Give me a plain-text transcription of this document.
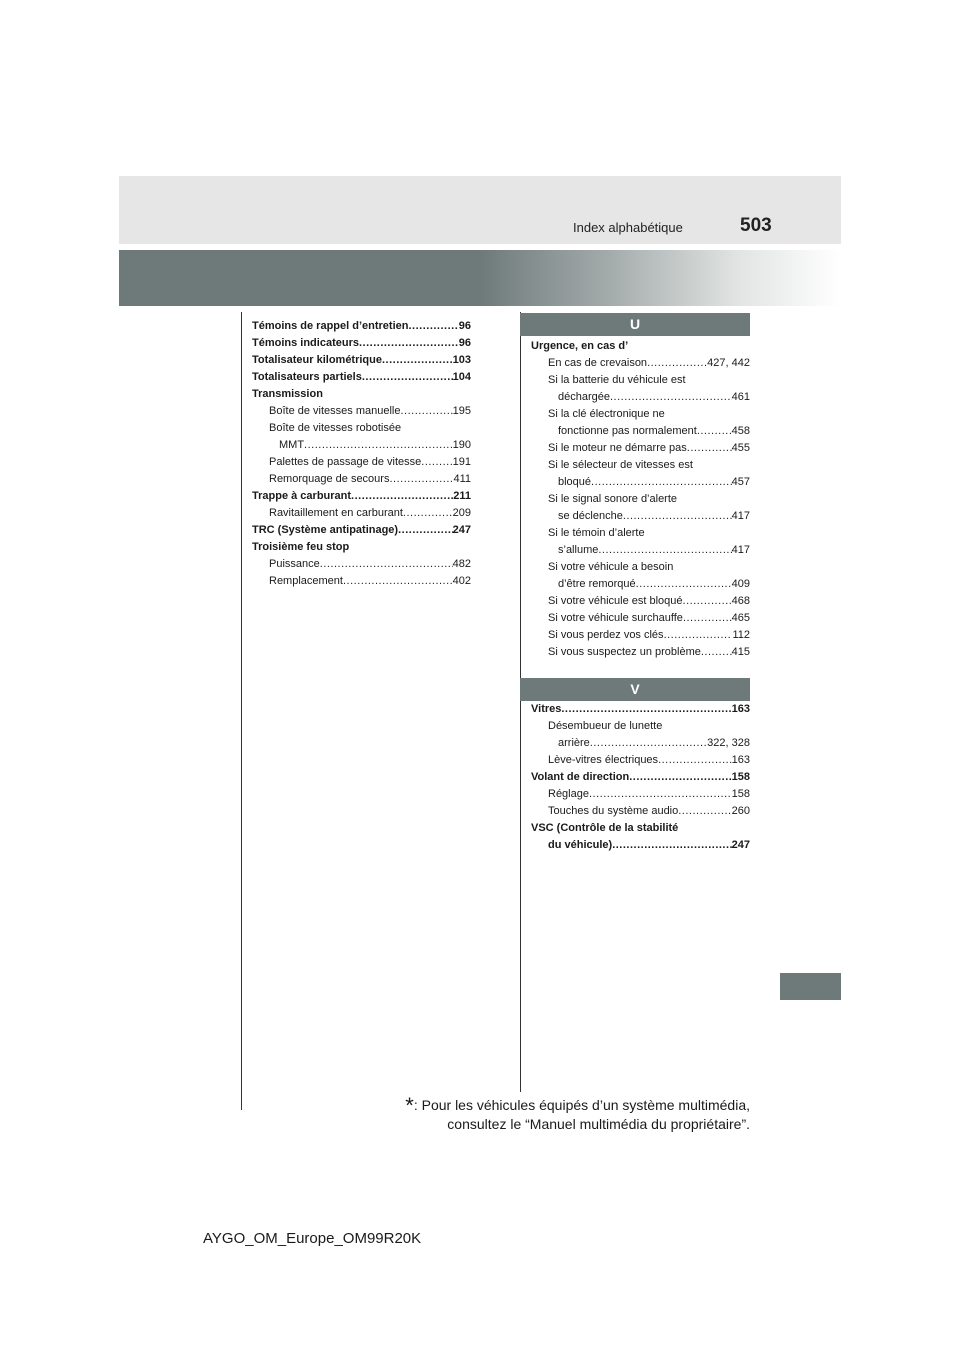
Index alphabétique	503
Témoins de rappel d’entretien .....	96
Témoins indicateurs .....	96
Totalisateur kilométrique .....	103
Totalisateurs partiels .....	104
Transmission
Boîte de vitesses manuelle .....	195
Boîte de vitesses robotisée
MMT .....	190
Palettes de passage de vitesse .....	191
Remorquage de secours .....	411
Trappe à carburant .....	211
Ravitaillement en carburant .....	209
TRC (Système antipatinage) .....	247
Troisième feu stop
Puissance .....	482
Remplacement .....	402
U
Urgence, en cas d’
En cas de crevaison .....	427, 442
Si la batterie du véhicule est
déchargée .....	461
Si la clé électronique ne
fonctionne pas normalement .....	458
Si le moteur ne démarre pas .....	455
Si le sélecteur de vitesses est
bloqué .....	457
Si le signal sonore d’alerte
se déclenche .....	417
Si le témoin d’alerte
s’allume .....	417
Si votre véhicule a besoin
d’être remorqué .....	409
Si votre véhicule est bloqué .....	468
Si votre véhicule surchauffe .....	465
Si vous perdez vos clés .....	112
Si vous suspectez un problème .....	415
V
Vitres .....	163
Désembueur de lunette
arrière .....	322, 328
Lève-vitres électriques .....	163
Volant de direction .....	158
Réglage .....	158
Touches du système audio .....	260
VSC (Contrôle de la stabilité
du véhicule) .....	247
*: Pour les véhicules équipés d’un système multimédia,
consultez le “Manuel multimédia du propriétaire”.
AYGO_OM_Europe_OM99R20K
